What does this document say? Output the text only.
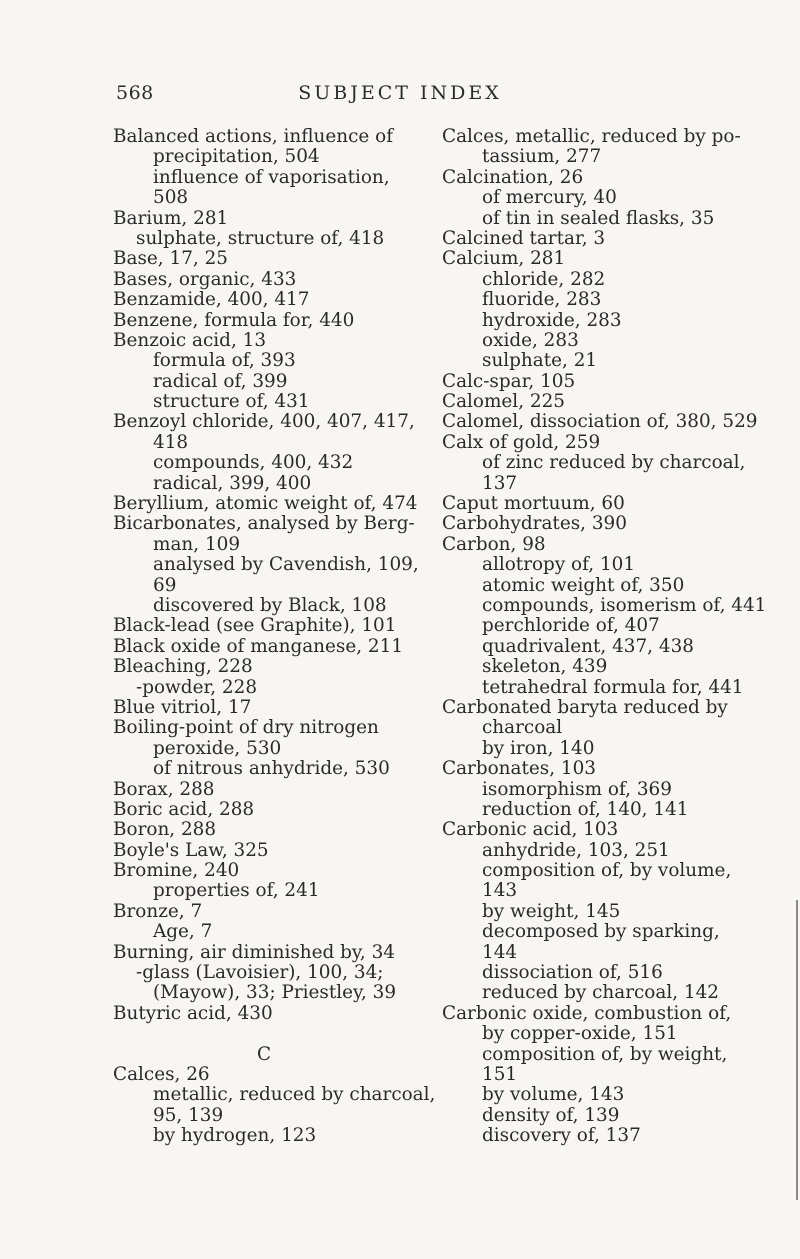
568	SUBJECT INDEX
Balanced actions, influence of
precipitation, 504
influence of vaporisation,
508
Barium, 281
sulphate, structure of, 418
Base, 17, 25
Bases, organic, 433
Benzamide, 400, 417
Benzene, formula for, 440
Benzoic acid, 13
formula of, 393
radical of, 399
structure of, 431
Benzoyl chloride, 400, 407, 417,
418
compounds, 400, 432
radical, 399, 400
Beryllium, atomic weight of, 474
Bicarbonates, analysed by Berg-
man, 109
analysed by Cavendish, 109,
69
discovered by Black, 108
Black-lead (see Graphite), 101
Black oxide of manganese, 211
Bleaching, 228
-powder, 228
Blue vitriol, 17
Boiling-point of dry nitrogen
peroxide, 530
of nitrous anhydride, 530
Borax, 288
Boric acid, 288
Boron, 288
Boyle's Law, 325
Bromine, 240
properties of, 241
Bronze, 7
Age, 7
Burning, air diminished by, 34
-glass (Lavoisier), 100, 34;
(Mayow), 33; Priestley, 39
Butyric acid, 430
C
Calces, 26
metallic, reduced by charcoal,
95, 139
by hydrogen, 123
Calces, metallic, reduced by po-
tassium, 277
Calcination, 26
of mercury, 40
of tin in sealed flasks, 35
Calcined tartar, 3
Calcium, 281
chloride, 282
fluoride, 283
hydroxide, 283
oxide, 283
sulphate, 21
Calc-spar, 105
Calomel, 225
Calomel, dissociation of, 380, 529
Calx of gold, 259
of zinc reduced by charcoal,
137
Caput mortuum, 60
Carbohydrates, 390
Carbon, 98
allotropy of, 101
atomic weight of, 350
compounds, isomerism of, 441
perchloride of, 407
quadrivalent, 437, 438
skeleton, 439
tetrahedral formula for, 441
Carbonated baryta reduced by
charcoal
by iron, 140
Carbonates, 103
isomorphism of, 369
reduction of, 140, 141
Carbonic acid, 103
anhydride, 103, 251
composition of, by volume,
143
by weight, 145
decomposed by sparking,
144
dissociation of, 516
reduced by charcoal, 142
Carbonic oxide, combustion of,
by copper-oxide, 151
composition of, by weight,
151
by volume, 143
density of, 139
discovery of, 137
